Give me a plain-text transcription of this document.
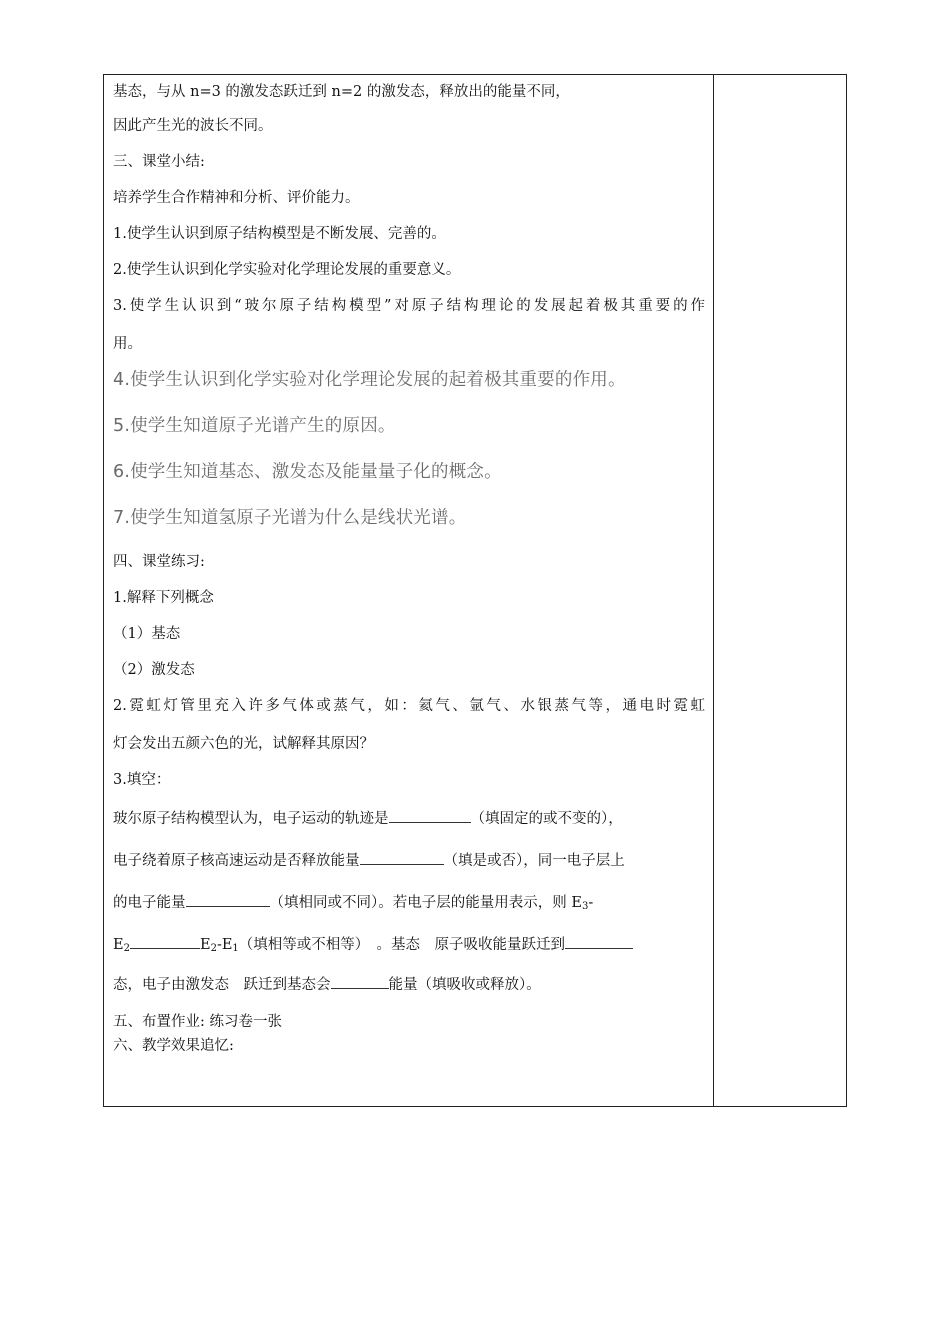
基态，与从 n=3 的激发态跃迁到 n=2 的激发态，释放出的能量不同，
因此产生光的波长不同。
三、课堂小结:
培养学生合作精神和分析、评价能力。
1.使学生认识到原子结构模型是不断发展、完善的。
2.使学生认识到化学实验对化学理论发展的重要意义。
3.使学生认识到“玻尔原子结构模型”对原子结构理论的发展起着极其重要的作
用。
4.使学生认识到化学实验对化学理论发展的起着极其重要的作用。
5.使学生知道原子光谱产生的原因。
6.使学生知道基态、激发态及能量量子化的概念。
7.使学生知道氢原子光谱为什么是线状光谱。
四、课堂练习:
1.解释下列概念
（1）基态
（2）激发态
2.霓虹灯管里充入许多气体或蒸气，如：氦气、氩气、水银蒸气等，通电时霓虹
灯会发出五颜六色的光，试解释其原因？
3.填空：
玻尔原子结构模型认为，电子运动的轨迹是	（填固定的或不变的），
电子绕着原子核高速运动是否释放能量	（填是或否），同一电子层上
的电子能量	（填相同或不同）。若电子层的能量用表示，则 E3-
E2	E2-E1（填相等或不相等）　。基态　原子吸收能量跃迁到
态，电子由激发态　跃迁到基态会	能量（填吸收或释放）。
五、布置作业: 练习卷一张
六、教学效果追忆:
